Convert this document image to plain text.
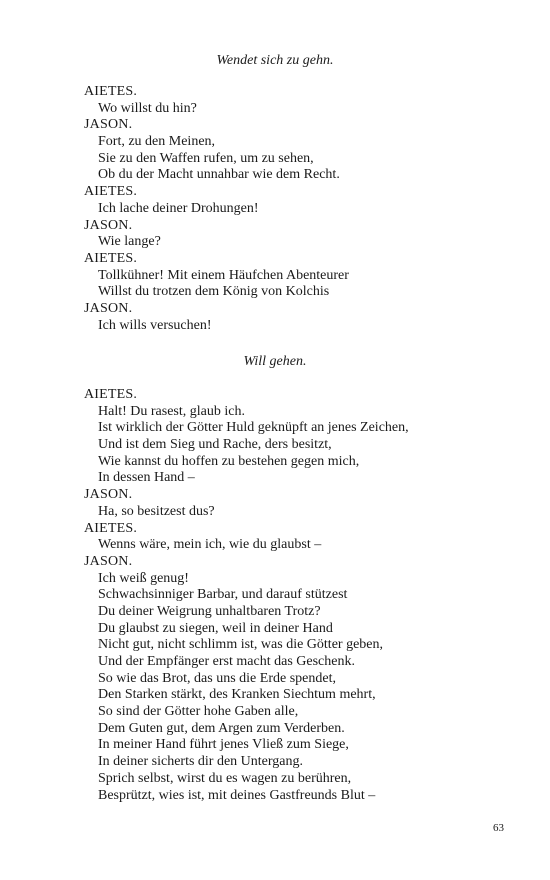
Wendet sich zu gehn.
AIETES.
Wo willst du hin?
JASON.
Fort, zu den Meinen,
Sie zu den Waffen rufen, um zu sehen,
Ob du der Macht unnahbar wie dem Recht.
AIETES.
Ich lache deiner Drohungen!
JASON.
Wie lange?
AIETES.
Tollkühner! Mit einem Häufchen Abenteurer
Willst du trotzen dem König von Kolchis
JASON.
Ich wills versuchen!
Will gehen.
AIETES.
Halt! Du rasest, glaub ich.
Ist wirklich der Götter Huld geknüpft an jenes Zeichen,
Und ist dem Sieg und Rache, ders besitzt,
Wie kannst du hoffen zu bestehen gegen mich,
In dessen Hand –
JASON.
Ha, so besitzest dus?
AIETES.
Wenns wäre, mein ich, wie du glaubst –
JASON.
Ich weiß genug!
Schwachsinniger Barbar, und darauf stützest
Du deiner Weigrung unhaltbaren Trotz?
Du glaubst zu siegen, weil in deiner Hand
Nicht gut, nicht schlimm ist, was die Götter geben,
Und der Empfänger erst macht das Geschenk.
So wie das Brot, das uns die Erde spendet,
Den Starken stärkt, des Kranken Siechtum mehrt,
So sind der Götter hohe Gaben alle,
Dem Guten gut, dem Argen zum Verderben.
In meiner Hand führt jenes Vließ zum Siege,
In deiner sicherts dir den Untergang.
Sprich selbst, wirst du es wagen zu berühren,
Besprützt, wies ist, mit deines Gastfreunds Blut –
63
